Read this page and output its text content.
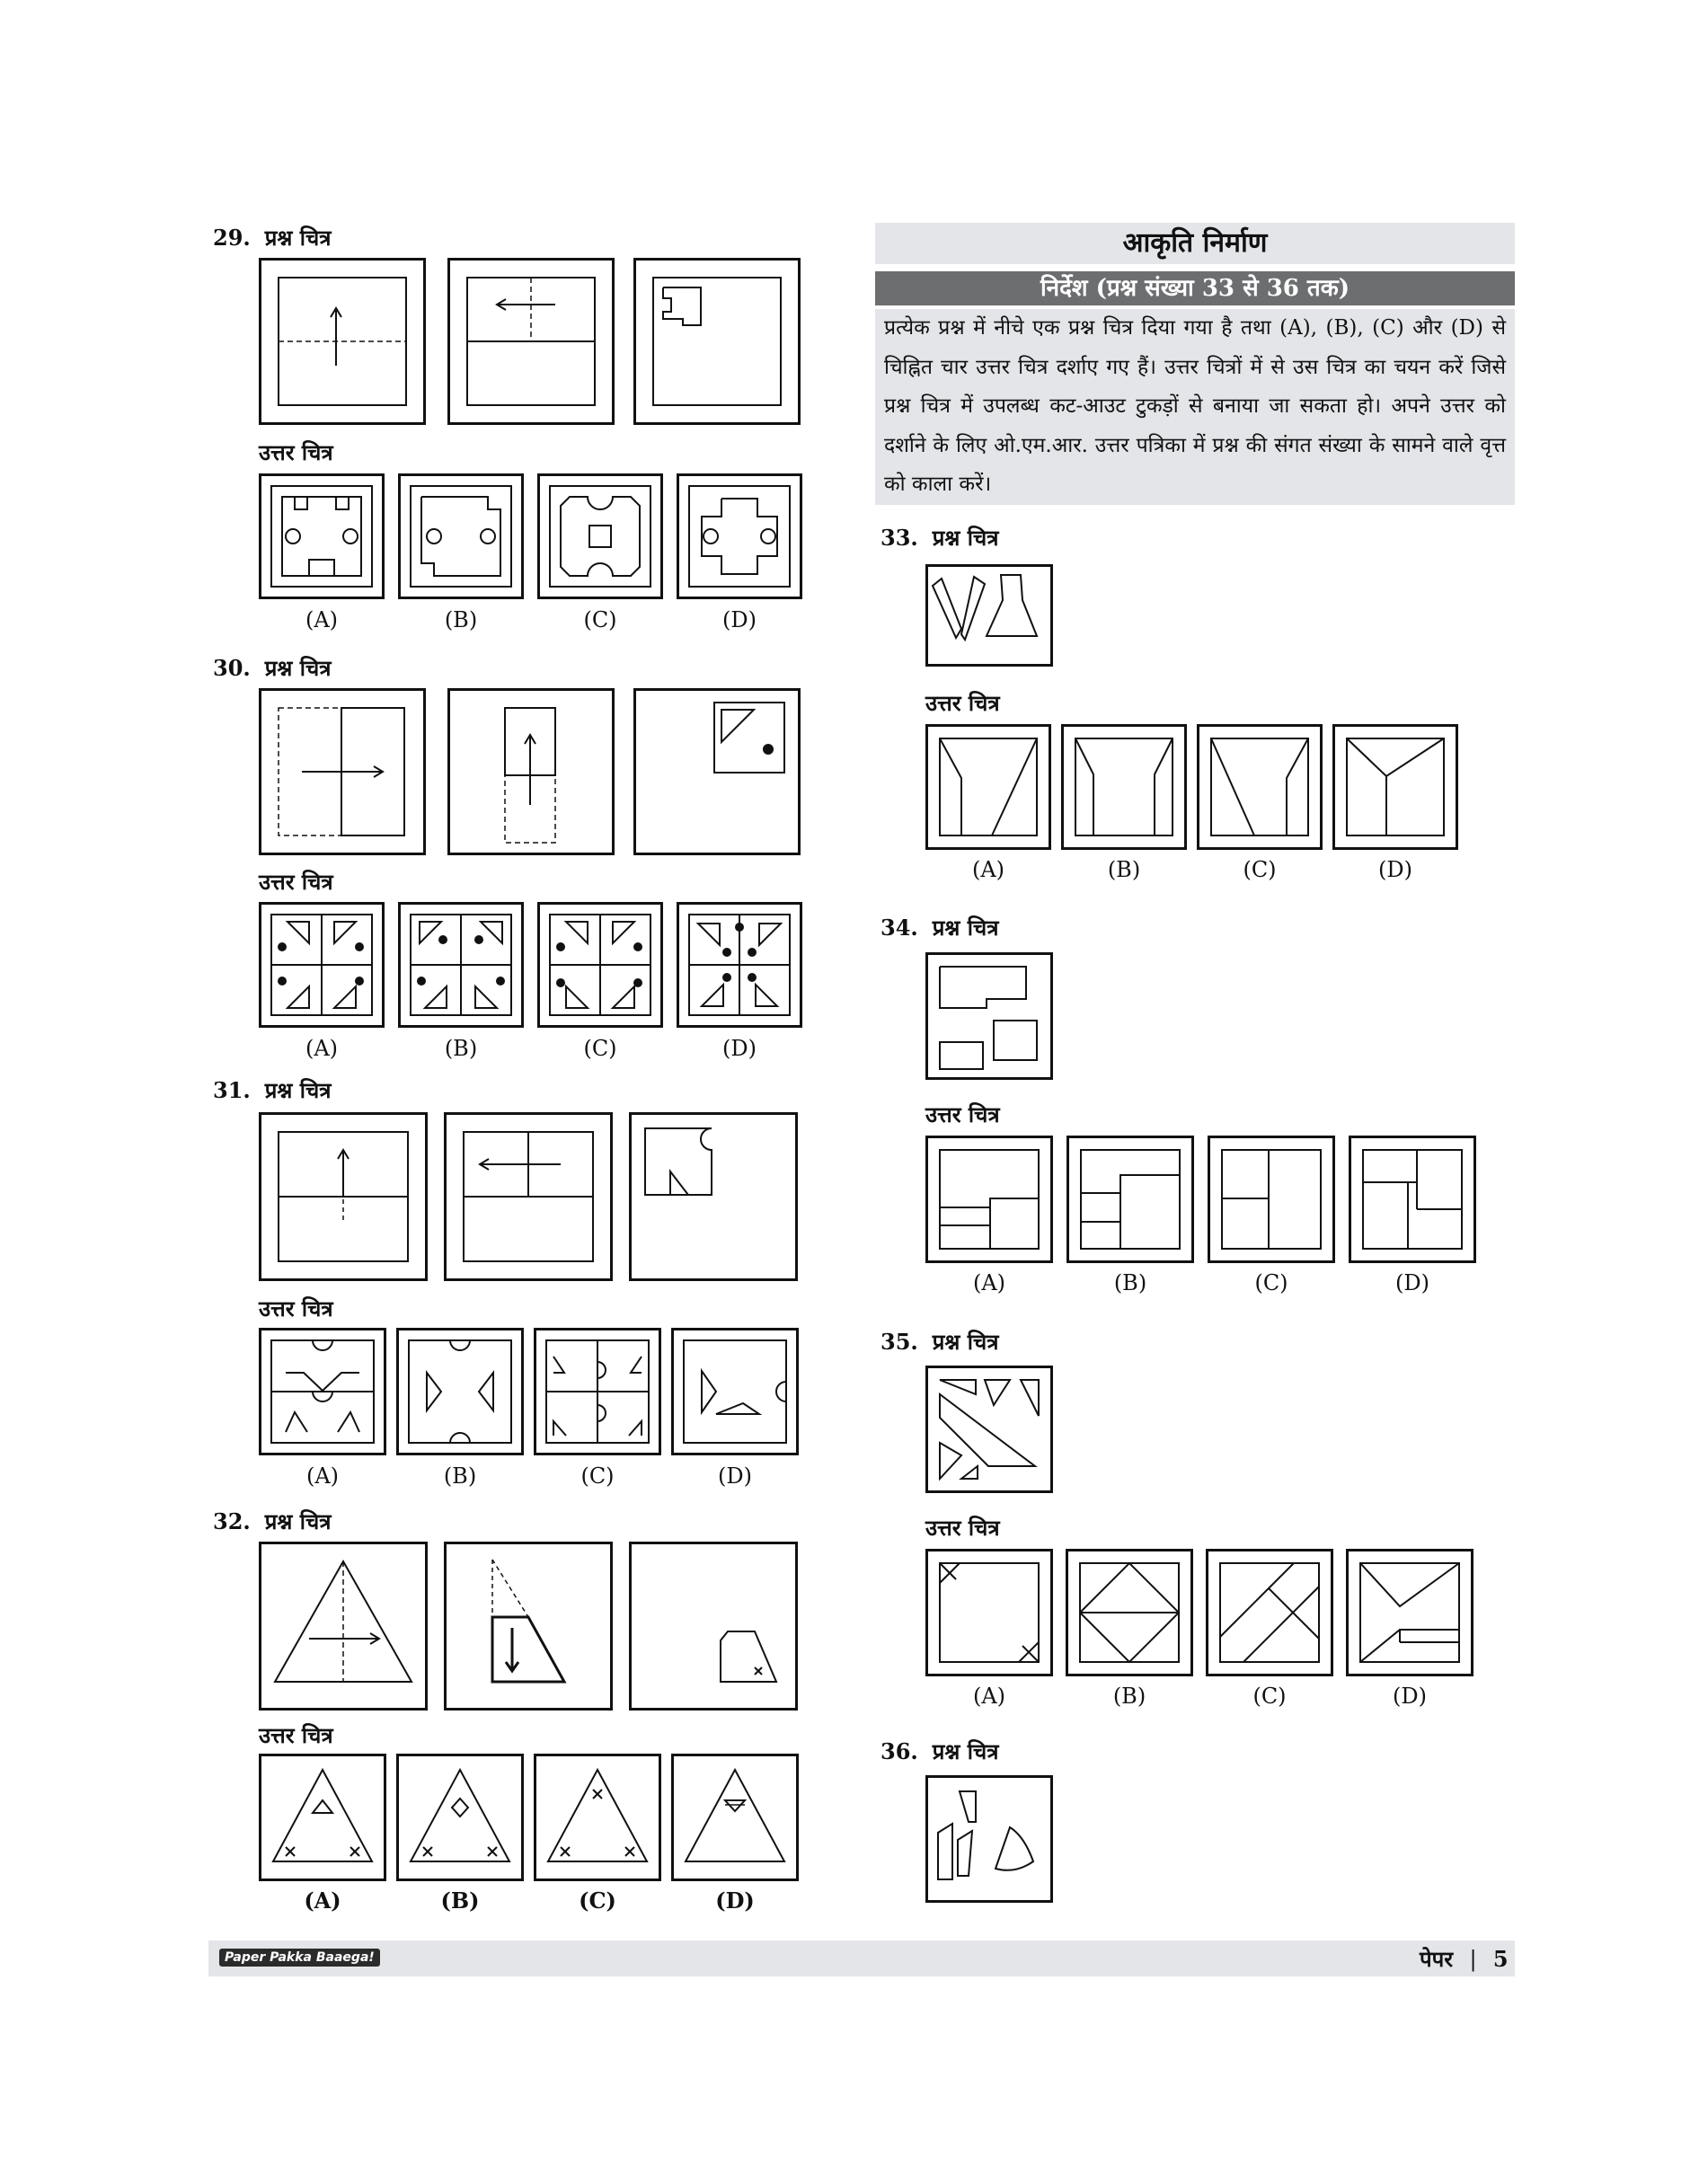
29. प्रश्न चित्र
उत्तर चित्र
(A)	(B)	(C)	(D)
30. प्रश्न चित्र
उत्तर चित्र
(A)	(B)	(C)	(D)
31. प्रश्न चित्र
उत्तर चित्र
(A)	(B)	(C)	(D)
32. प्रश्न चित्र
उत्तर चित्र
(A)	(B)	(C)	(D)
आकृति निर्माण
निर्देश (प्रश्न संख्या 33 से 36 तक)
प्रत्येक प्रश्न में नीचे एक प्रश्न चित्र दिया गया है तथा (A), (B), (C) और (D) से चिह्नित चार उत्तर चित्र दर्शाए गए हैं। उत्तर चित्रों में से उस चित्र का चयन करें जिसे प्रश्न चित्र में उपलब्ध कट-आउट टुकड़ों से बनाया जा सकता हो। अपने उत्तर को दर्शाने के लिए ओ.एम.आर. उत्तर पत्रिका में प्रश्न की संगत संख्या के सामने वाले वृत्त को काला करें।
33. प्रश्न चित्र
उत्तर चित्र
(A)	(B)	(C)	(D)
34. प्रश्न चित्र
उत्तर चित्र
(A)	(B)	(C)	(D)
35. प्रश्न चित्र
उत्तर चित्र
(A)	(B)	(C)	(D)
36. प्रश्न चित्र
Paper Pakka Baaega!	पेपर | 5
